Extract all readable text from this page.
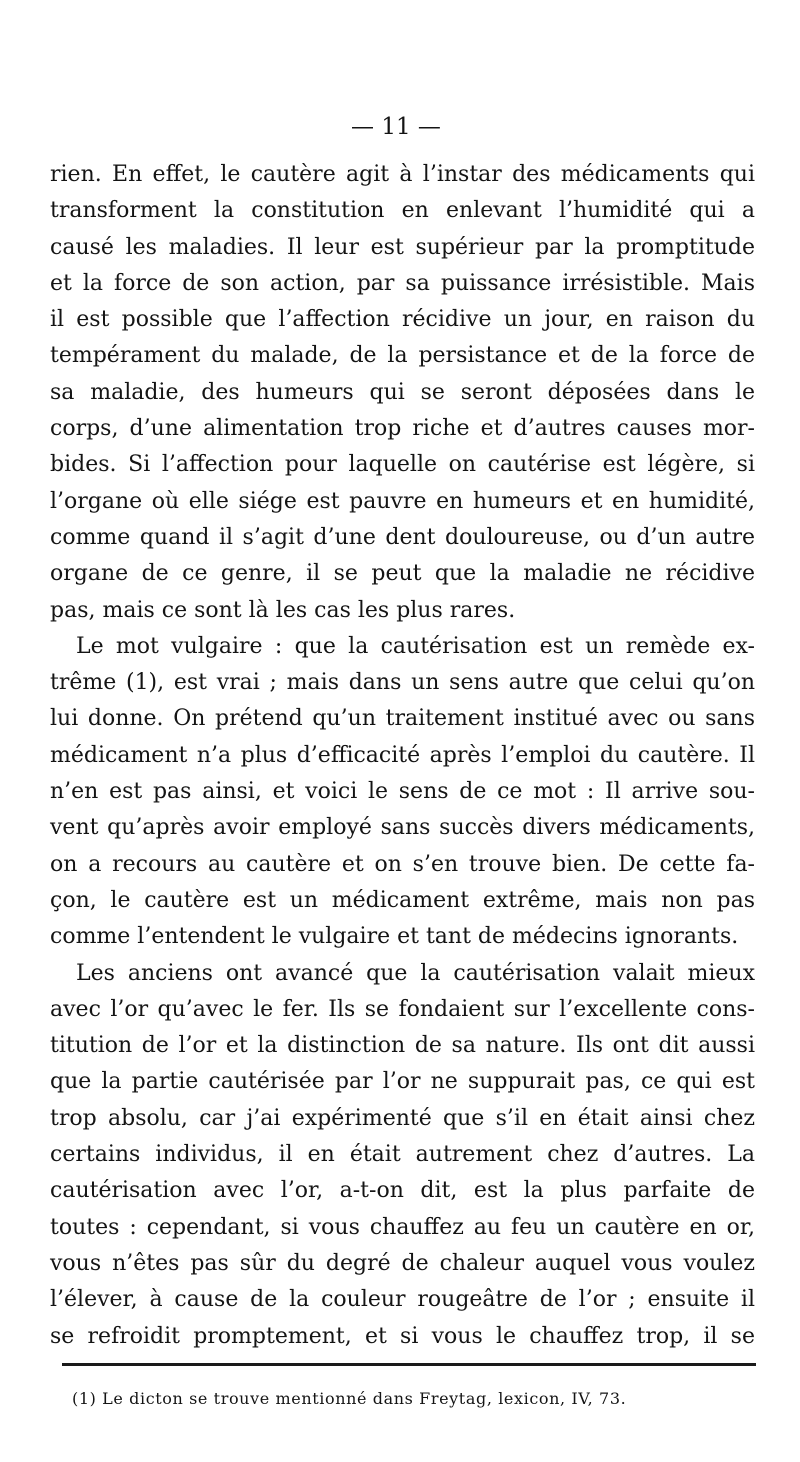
— 11 —
rien. En effet, le cautère agit à l’instar des médicaments qui
transforment la constitution en enlevant l’humidité qui a
causé les maladies. Il leur est supérieur par la promptitude
et la force de son action, par sa puissance irrésistible. Mais
il est possible que l’affection récidive un jour, en raison du
tempérament du malade, de la persistance et de la force de
sa maladie, des humeurs qui se seront déposées dans le
corps, d’une alimentation trop riche et d’autres causes mor-
bides. Si l’affection pour laquelle on cautérise est légère, si
l’organe où elle siége est pauvre en humeurs et en humidité,
comme quand il s’agit d’une dent douloureuse, ou d’un autre
organe de ce genre, il se peut que la maladie ne récidive
pas, mais ce sont là les cas les plus rares.
Le mot vulgaire : que la cautérisation est un remède ex-
trême (1), est vrai ; mais dans un sens autre que celui qu’on
lui donne. On prétend qu’un traitement institué avec ou sans
médicament n’a plus d’efficacité après l’emploi du cautère. Il
n’en est pas ainsi, et voici le sens de ce mot : Il arrive sou-
vent qu’après avoir employé sans succès divers médicaments,
on a recours au cautère et on s’en trouve bien. De cette fa-
çon, le cautère est un médicament extrême, mais non pas
comme l’entendent le vulgaire et tant de médecins ignorants.
Les anciens ont avancé que la cautérisation valait mieux
avec l’or qu’avec le fer. Ils se fondaient sur l’excellente cons-
titution de l’or et la distinction de sa nature. Ils ont dit aussi
que la partie cautérisée par l’or ne suppurait pas, ce qui est
trop absolu, car j’ai expérimenté que s’il en était ainsi chez
certains individus, il en était autrement chez d’autres. La
cautérisation avec l’or, a-t-on dit, est la plus parfaite de
toutes : cependant, si vous chauffez au feu un cautère en or,
vous n’êtes pas sûr du degré de chaleur auquel vous voulez
l’élever, à cause de la couleur rougeâtre de l’or ; ensuite il
se refroidit promptement, et si vous le chauffez trop, il se
(1) Le dicton se trouve mentionné dans Freytag, lexicon, IV, 73.
